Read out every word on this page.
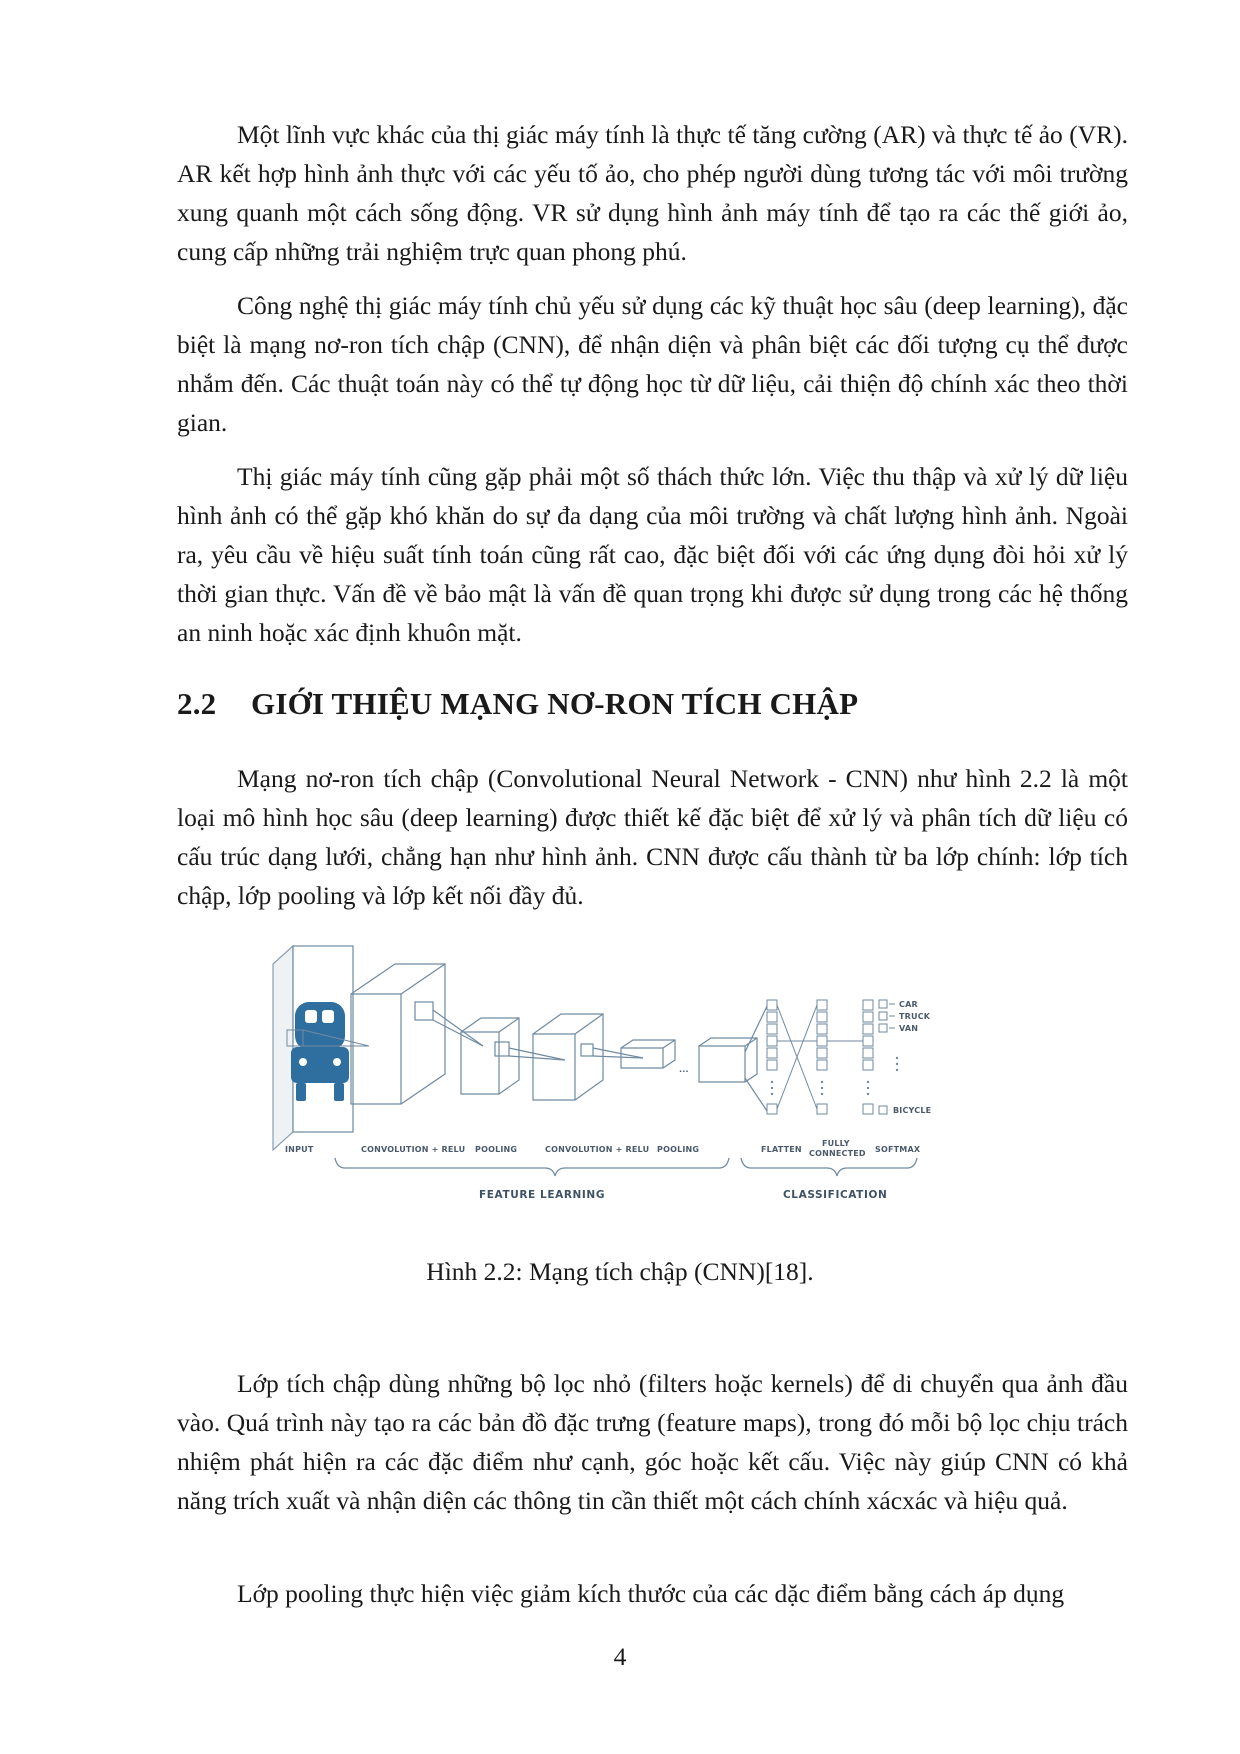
Một lĩnh vực khác của thị giác máy tính là thực tế tăng cường (AR) và thực tế ảo (VR). AR kết hợp hình ảnh thực với các yếu tố ảo, cho phép người dùng tương tác với môi trường xung quanh một cách sống động. VR sử dụng hình ảnh máy tính để tạo ra các thế giới ảo, cung cấp những trải nghiệm trực quan phong phú.

Công nghệ thị giác máy tính chủ yếu sử dụng các kỹ thuật học sâu (deep learning), đặc biệt là mạng nơ-ron tích chập (CNN), để nhận diện và phân biệt các đối tượng cụ thể được nhắm đến. Các thuật toán này có thể tự động học từ dữ liệu, cải thiện độ chính xác theo thời gian.

Thị giác máy tính cũng gặp phải một số thách thức lớn. Việc thu thập và xử lý dữ liệu hình ảnh có thể gặp khó khăn do sự đa dạng của môi trường và chất lượng hình ảnh. Ngoài ra, yêu cầu về hiệu suất tính toán cũng rất cao, đặc biệt đối với các ứng dụng đòi hỏi xử lý thời gian thực. Vấn đề về bảo mật là vấn đề quan trọng khi được sử dụng trong các hệ thống an ninh hoặc xác định khuôn mặt.

2.2 GIỚI THIỆU MẠNG NƠ-RON TÍCH CHẬP

Mạng nơ-ron tích chập (Convolutional Neural Network - CNN) như hình 2.2 là một loại mô hình học sâu (deep learning) được thiết kế đặc biệt để xử lý và phân tích dữ liệu có cấu trúc dạng lưới, chẳng hạn như hình ảnh. CNN được cấu thành từ ba lớp chính: lớp tích chập, lớp pooling và lớp kết nối đầy đủ.

...
CAR
TRUCK
VAN
BICYCLE
INPUT	CONVOLUTION + RELU POOLING	CONVOLUTION + RELU POOLING	FLATTEN
FULLY
CONNECTED SOFTMAX
FEATURE LEARNING	CLASSIFICATION

Hình 2.2: Mạng tích chập (CNN)[18].

Lớp tích chập dùng những bộ lọc nhỏ (filters hoặc kernels) để di chuyển qua ảnh đầu vào. Quá trình này tạo ra các bản đồ đặc trưng (feature maps), trong đó mỗi bộ lọc chịu trách nhiệm phát hiện ra các đặc điểm như cạnh, góc hoặc kết cấu. Việc này giúp CNN có khả năng trích xuất và nhận diện các thông tin cần thiết một cách chính xácxác và hiệu quả.

Lớp pooling thực hiện việc giảm kích thước của các dặc điểm bằng cách áp dụng

4
